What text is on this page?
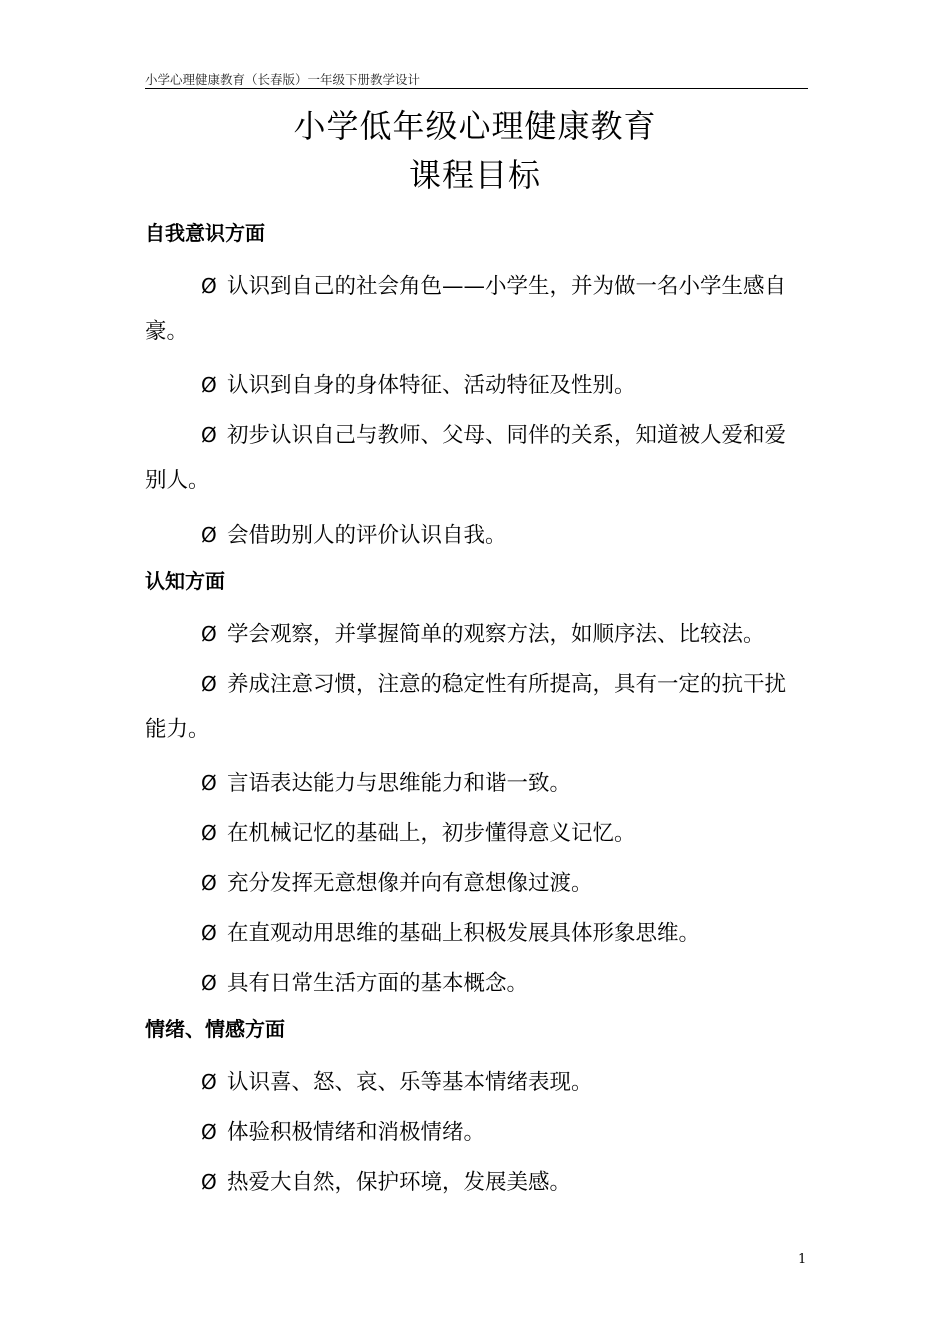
小学心理健康教育（长春版）一年级下册教学设计
小学低年级心理健康教育
课程目标
自我意识方面
Ø 认识到自己的社会角色——小学生，并为做一名小学生感自
豪。
Ø 认识到自身的身体特征、活动特征及性别。
Ø 初步认识自己与教师、父母、同伴的关系，知道被人爱和爱
别人。
Ø 会借助别人的评价认识自我。
认知方面
Ø 学会观察，并掌握简单的观察方法，如顺序法、比较法。
Ø 养成注意习惯，注意的稳定性有所提高，具有一定的抗干扰
能力。
Ø 言语表达能力与思维能力和谐一致。
Ø 在机械记忆的基础上，初步懂得意义记忆。
Ø 充分发挥无意想像并向有意想像过渡。
Ø 在直观动用思维的基础上积极发展具体形象思维。
Ø 具有日常生活方面的基本概念。
情绪、情感方面
Ø 认识喜、怒、哀、乐等基本情绪表现。
Ø 体验积极情绪和消极情绪。
Ø 热爱大自然，保护环境，发展美感。
1
